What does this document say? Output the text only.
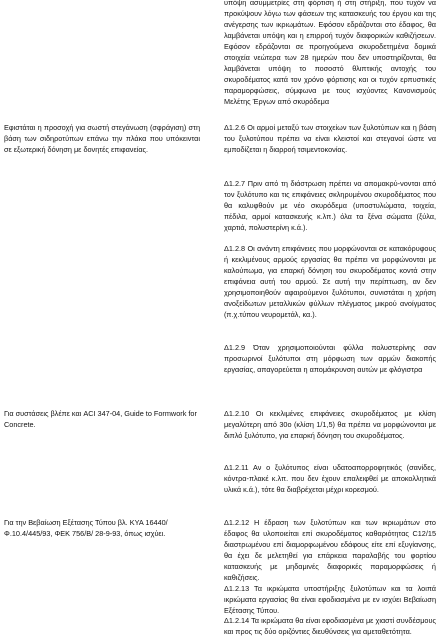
Εφιστάται η προσοχή για σωστή στεγάνωση (σφράγιση) στη βάση των σιδηροτύπων επάνω την πλάκα που υπόκεινται σε εξωτερική δόνηση με δονητές επιφανείας.

Για συστάσεις βλέπε και ACI 347-04, Guide to Formwork for Concrete.

Για την Βεβαίωση Εξέτασης Τύπου βλ. ΚΥΑ 16440/Φ.10.4/445/93, ΦΕΚ 756/Β/ 28-9-93, όπως ισχύει.

υπόψη ασυμμετρίες στη φόρτιση ή στη στήριξη, που τυχόν να προκύψουν λόγω των φάσεων της κατασκευής του έργου και της ανέγερσης των ικριωμάτων. Εφόσον εδράζονται στο έδαφος, θα λαμβάνεται υπόψη και η επιρροή τυχόν διαφορικών καθιζήσεων. Εφόσον εδράζονται σε προηγούμενα σκυροδετημένα δομικά στοιχεία νεώτερα των 28 ημερών που δεν υποστηρίζονται, θα λαμβάνεται υπόψη το ποσοστό θλιπτικής αντοχής του σκυροδέματος κατά τον χρόνο φόρτισης και οι τυχόν ερπυστικές παραμορφώσεις, σύμφωνα με τους ισχύοντες Κανονισμούς Μελέτης Έργων από σκυρόδεμα

Δ1.2.6 Οι αρμοί μεταξύ των στοιχείων των ξυλοτύπων και η βάση του ξυλοτύπου πρέπει να είναι κλειστοί και στεγανοί ώστε να εμποδίζεται η διαρροή τσιμεντοκονίας.

Δ1.2.7 Πριν από τη διάστρωση πρέπει να απομακρύ-νονται από τον ξυλότυπο και τις επιφάνειες σκληρυμένου σκυροδέματος που θα καλυφθούν με νέο σκυρόδεμα (υποστυλώματα, τοιχεία, πέδιλα, αρμοί κατασκευής κ.λπ.) όλα τα ξένα σώματα (ξύλα, χαρτιά, πολυστερίνη κ.ά.).

Δ1.2.8 Οι ανάντη επιφάνειες που μορφώνονται σε κατακόρυφους ή κεκλιμένους αρμούς εργασίας θα πρέπει να μορφώνονται με καλούπωμα, για επαρκή δόνηση του σκυροδέματος κοντά στην επιφάνεια αυτή του αρμού. Σε αυτή την περίπτωση, αν δεν χρησιμοποιηθούν αφαιρούμενοι ξυλότυποι, συνιστάται η χρήση ανοξείδωτων μεταλλικών φύλλων πλέγματος μικρού ανοίγματος (π.χ.τύπου νευρομετάλ, κα.).

Δ1.2.9 Όταν χρησιμοποιούνται φύλλα πολυστερίνης σαν προσωρινοί ξυλότυποι στη μόρφωση των αρμών διακοπής εργασίας, απαγορεύεται η απομάκρυνση αυτών με φλόγιστρα

Δ1.2.10 Οι κεκλιμένες επιφάνειες σκυροδέματος με κλίση μεγαλύτερη από 30ο (κλίση 1/1,5) θα πρέπει να μορφώνονται με διπλό ξυλότυπο, για επαρκή δόνηση του σκυροδέματος.

Δ1.2.11 Αν ο ξυλότυπος είναι υδατοαπορροφητικός (σανίδες, κόντρα-πλακέ κ.λπ. που δεν έχουν επαλειφθεί με αποκολλητικά υλικά κ.ά.), τότε θα διαβρέχεται μέχρι κορεσμού.

Δ1.2.12 Η έδραση των ξυλοτύπων και των ικριωμάτων στο έδαφος θα υλοποιείται επί σκυροδέματος καθαριότητας C12/15 διαστρωμένου επί διαμορφωμένου εδάφους είτε επί εξυγίανσης, θα έχει δε μελετηθεί για επάρκεια παραλαβής του φορτίου κατασκευής με μηδαμινές διαφορικές παραμορφώσεις ή καθιζήσεις.

Δ1.2.13 Τα ικριώματα υποστήριξης ξυλοτύπων και τα λοιπά ικριώματα εργασίας θα είναι εφοδιασμένα με εν ισχύει Βεβαίωση Εξέτασης Τύπου.

Δ1.2.14 Τα ικριώματα θα είναι εφοδιασμένα με χιαστί συνδέσμους και προς τις δύο οριζόντιες διευθύνσεις για αμεταθετότητα.
